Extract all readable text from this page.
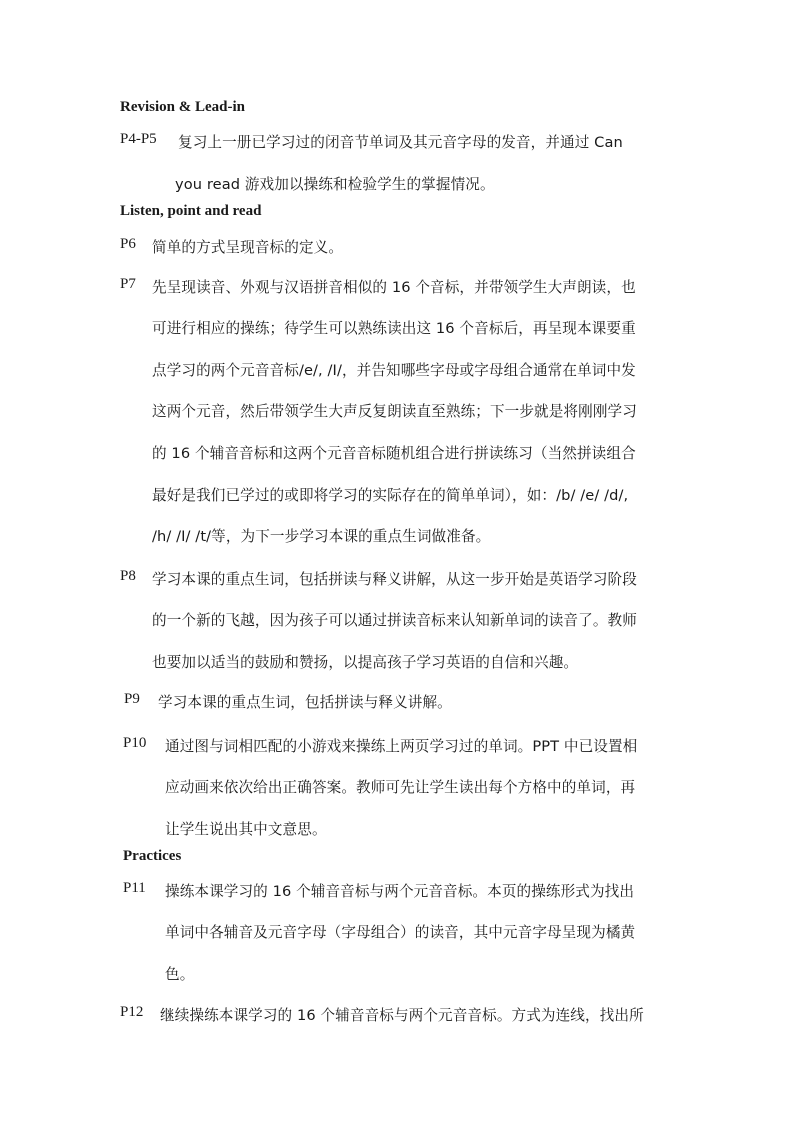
Revision & Lead-in
Listen, point and read
Practices
P4-P5 复习上一册已学习过的闭音节单词及其元音字母的发音，并通过 Can
you read 游戏加以操练和检验学生的掌握情况。
P6 简单的方式呈现音标的定义。
P7 先呈现读音、外观与汉语拼音相似的 16 个音标，并带领学生大声朗读，也
可进行相应的操练；待学生可以熟练读出这 16 个音标后，再呈现本课要重
点学习的两个元音音标/e/, /I/，并告知哪些字母或字母组合通常在单词中发
这两个元音，然后带领学生大声反复朗读直至熟练；下一步就是将刚刚学习
的 16 个辅音音标和这两个元音音标随机组合进行拼读练习（当然拼读组合
最好是我们已学过的或即将学习的实际存在的简单单词），如：/b/ /e/ /d/,
/h/ /I/ /t/等，为下一步学习本课的重点生词做准备。
P8 学习本课的重点生词，包括拼读与释义讲解，从这一步开始是英语学习阶段
的一个新的飞越，因为孩子可以通过拼读音标来认知新单词的读音了。教师
也要加以适当的鼓励和赞扬，以提高孩子学习英语的自信和兴趣。
P9 学习本课的重点生词，包括拼读与释义讲解。
P10 通过图与词相匹配的小游戏来操练上两页学习过的单词。PPT 中已设置相
应动画来依次给出正确答案。教师可先让学生读出每个方格中的单词，再
让学生说出其中文意思。
P11 操练本课学习的 16 个辅音音标与两个元音音标。本页的操练形式为找出
单词中各辅音及元音字母（字母组合）的读音，其中元音字母呈现为橘黄
色。
P12 继续操练本课学习的 16 个辅音音标与两个元音音标。方式为连线，找出所
